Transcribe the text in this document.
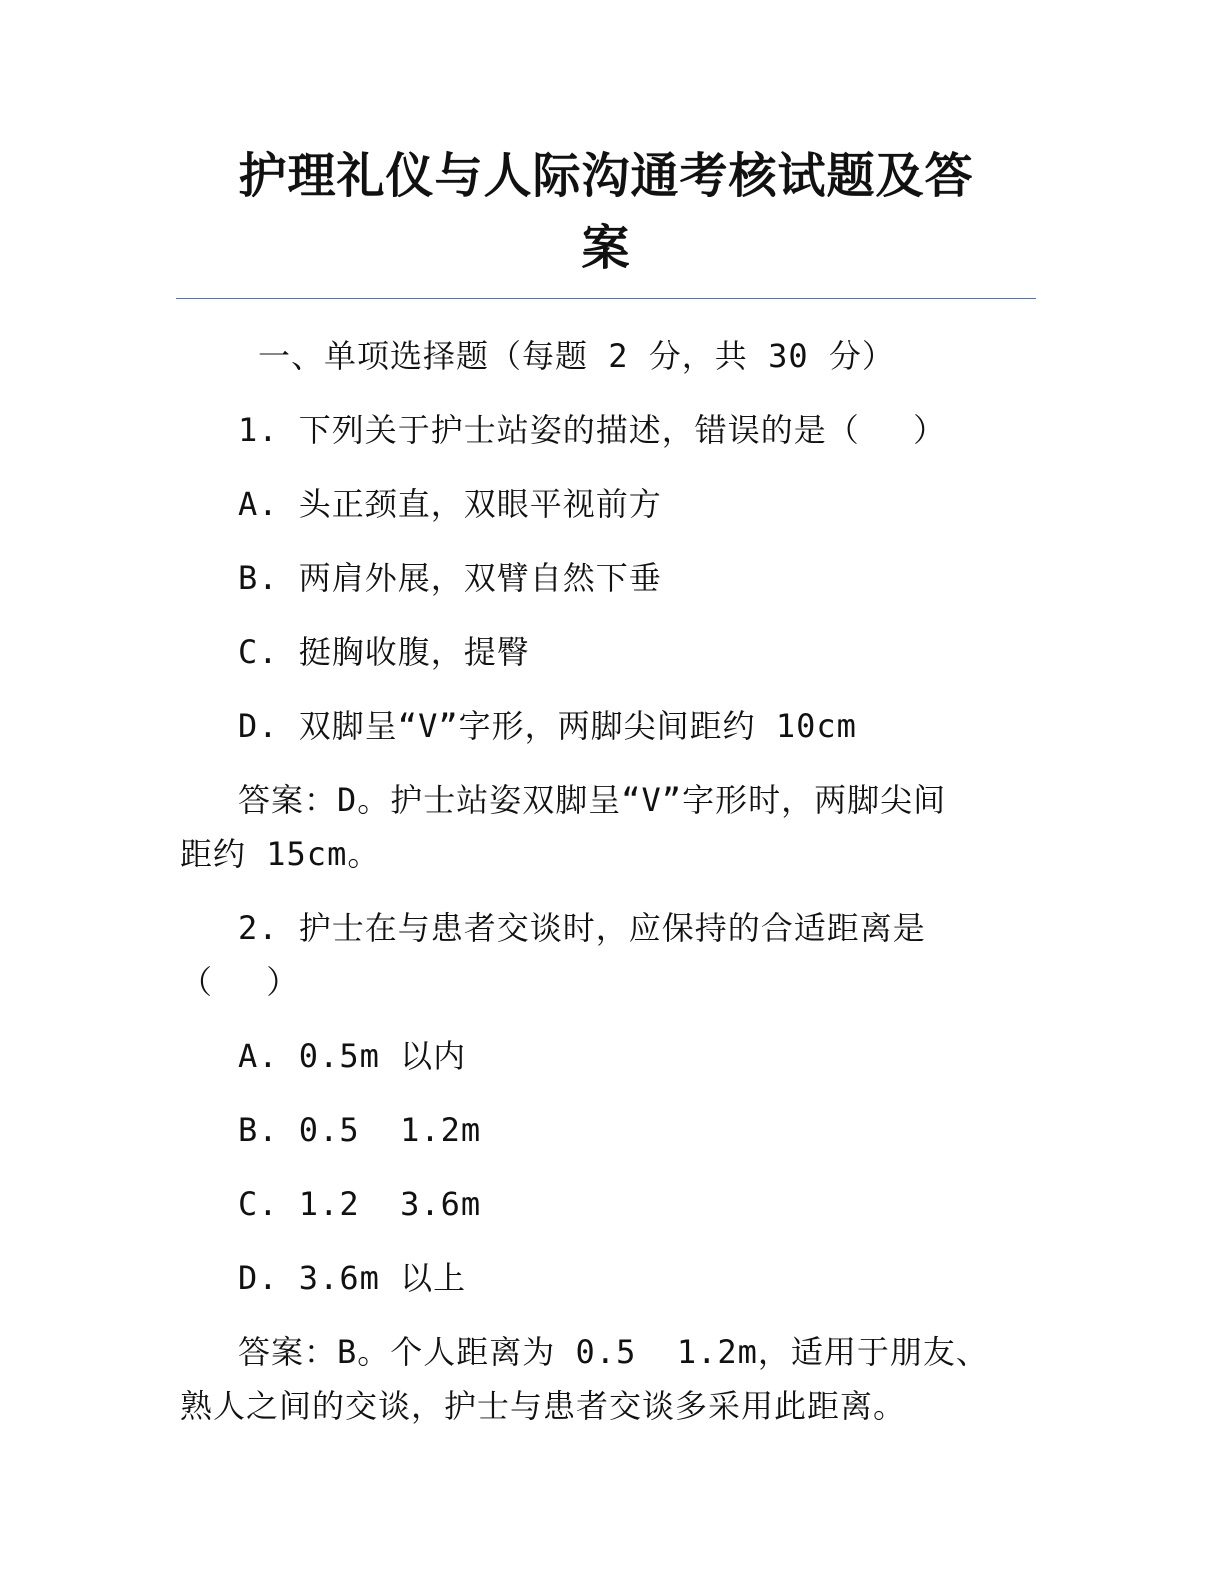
护理礼仪与人际沟通考核试题及答
案

一、单项选择题（每题 2 分，共 30 分）

1. 下列关于护士站姿的描述，错误的是（　 ）

A. 头正颈直，双眼平视前方

B. 两肩外展，双臂自然下垂

C. 挺胸收腹，提臀

D. 双脚呈“V”字形，两脚尖间距约 10cm

答案：D。护士站姿双脚呈“V”字形时，两脚尖间

距约 15cm。

2. 护士在与患者交谈时，应保持的合适距离是

（　 ）

A. 0.5m 以内

B. 0.5  1.2m

C. 1.2  3.6m

D. 3.6m 以上

答案：B。个人距离为 0.5  1.2m，适用于朋友、

熟人之间的交谈，护士与患者交谈多采用此距离。
